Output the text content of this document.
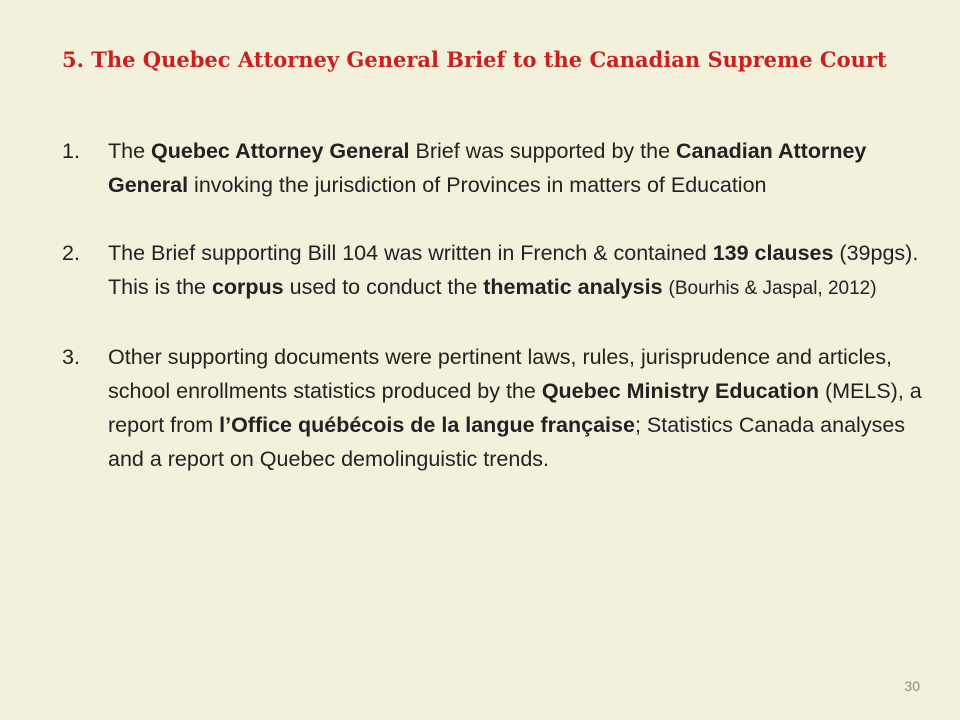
5. The Quebec Attorney General Brief to the Canadian Supreme Court
1.	The Quebec Attorney General Brief was supported by the Canadian Attorney General invoking the jurisdiction of Provinces in matters of Education
2.	The Brief supporting Bill 104 was written in French & contained 139 clauses (39pgs). This is the corpus used to conduct the thematic analysis (Bourhis & Jaspal, 2012)
3.	Other supporting documents were pertinent laws, rules, jurisprudence and articles, school enrollments statistics produced by the Quebec Ministry Education (MELS), a report from l’Office québécois de la langue française; Statistics Canada analyses and a report on Quebec demolinguistic trends.
30
